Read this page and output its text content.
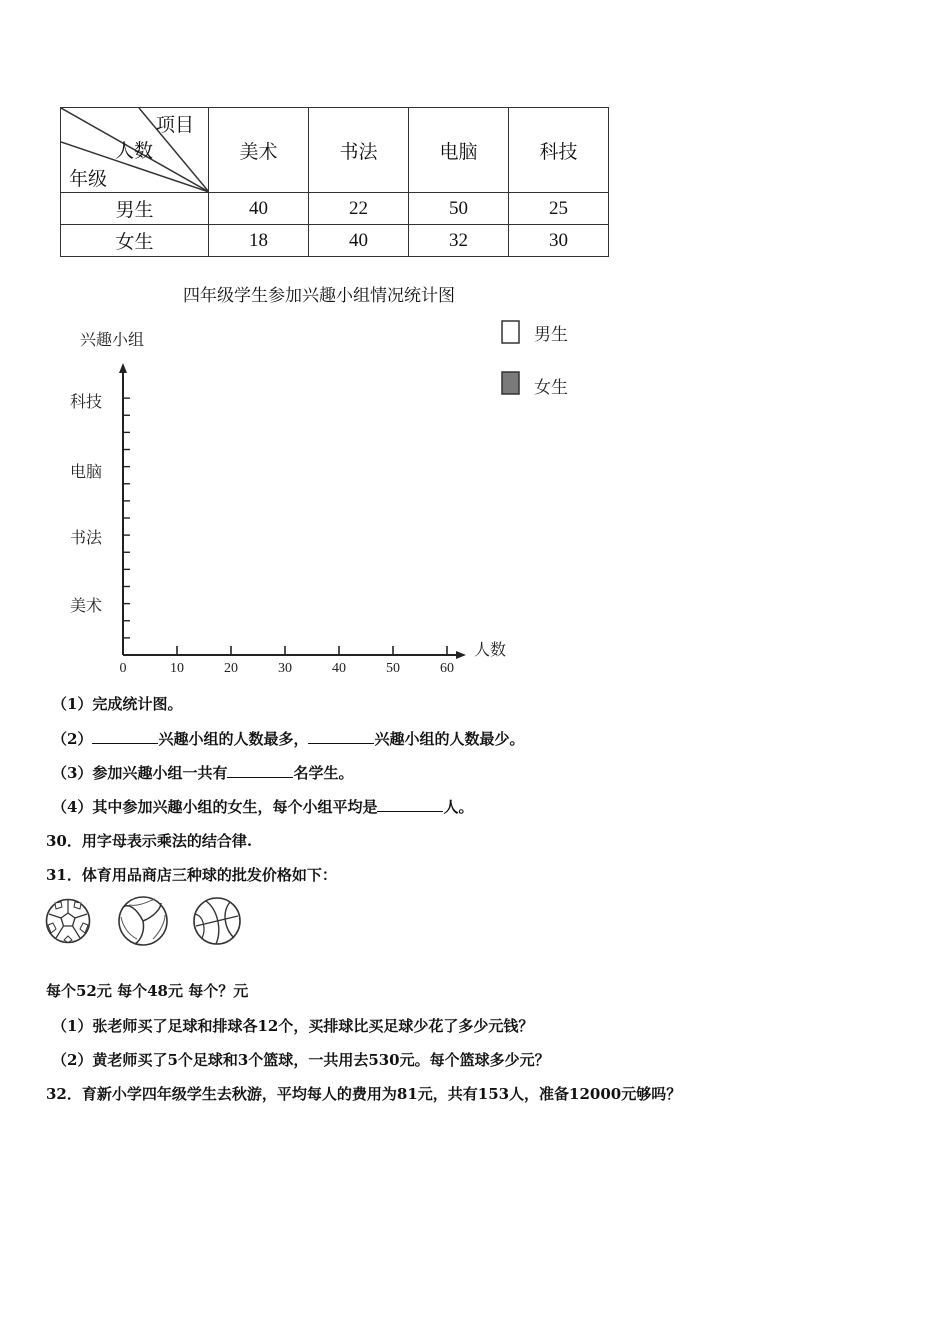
项目
人数
年级	美术	书法	电脑	科技
男生	40	22	50	25
女生	18	40	32	30
四年级学生参加兴趣小组情况统计图
兴趣小组
人数
0	10	20	30	40	50	60
美术
书法
电脑
科技
男生
女生
（1）完成统计图。
（2）	兴趣小组的人数最多，	兴趣小组的人数最少。
（3）参加兴趣小组一共有	名学生。
（4）其中参加兴趣小组的女生，每个小组平均是	人。
30．用字母表示乘法的结合律.
31．体育用品商店三种球的批发价格如下：
每个52元 每个48元 每个？元
（1）张老师买了足球和排球各12个，买排球比买足球少花了多少元钱？
（2）黄老师买了5个足球和3个篮球，一共用去530元。每个篮球多少元？
32．育新小学四年级学生去秋游，平均每人的费用为81元，共有153人，准备12000元够吗？
